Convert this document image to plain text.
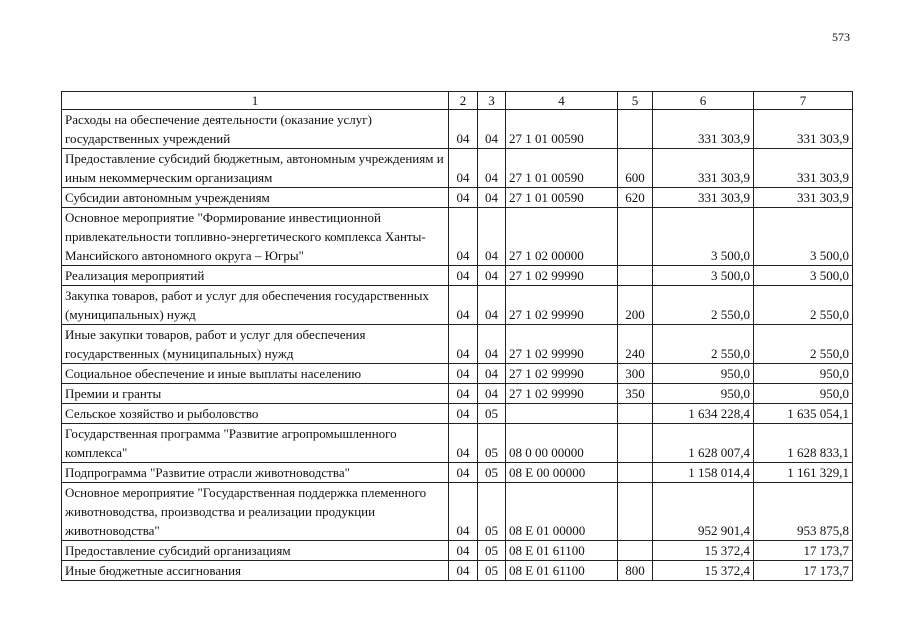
573
1	2	3	4	5	6	7
Расходы на обеспечение деятельности (оказание услуг) государственных учреждений	04	04	27 1 01 00590		331 303,9	331 303,9
Предоставление субсидий бюджетным, автономным учреждениям и иным некоммерческим организациям	04	04	27 1 01 00590	600	331 303,9	331 303,9
Субсидии автономным учреждениям	04	04	27 1 01 00590	620	331 303,9	331 303,9
Основное мероприятие "Формирование инвестиционной привлекательности топливно-энергетического комплекса Ханты-Мансийского автономного округа – Югры"	04	04	27 1 02 00000		3 500,0	3 500,0
Реализация мероприятий	04	04	27 1 02 99990		3 500,0	3 500,0
Закупка товаров, работ и услуг для обеспечения государственных (муниципальных) нужд	04	04	27 1 02 99990	200	2 550,0	2 550,0
Иные закупки товаров, работ и услуг для обеспечения государственных (муниципальных) нужд	04	04	27 1 02 99990	240	2 550,0	2 550,0
Социальное обеспечение и иные выплаты населению	04	04	27 1 02 99990	300	950,0	950,0
Премии и гранты	04	04	27 1 02 99990	350	950,0	950,0
Сельское хозяйство и рыболовство	04	05			1 634 228,4	1 635 054,1
Государственная программа "Развитие агропромышленного комплекса"	04	05	08 0 00 00000		1 628 007,4	1 628 833,1
Подпрограмма "Развитие отрасли животноводства"	04	05	08 Е 00 00000		1 158 014,4	1 161 329,1
Основное мероприятие "Государственная поддержка племенного животноводства, производства и реализации продукции животноводства"	04	05	08 Е 01 00000		952 901,4	953 875,8
Предоставление субсидий организациям	04	05	08 Е 01 61100		15 372,4	17 173,7
Иные бюджетные ассигнования	04	05	08 Е 01 61100	800	15 372,4	17 173,7
